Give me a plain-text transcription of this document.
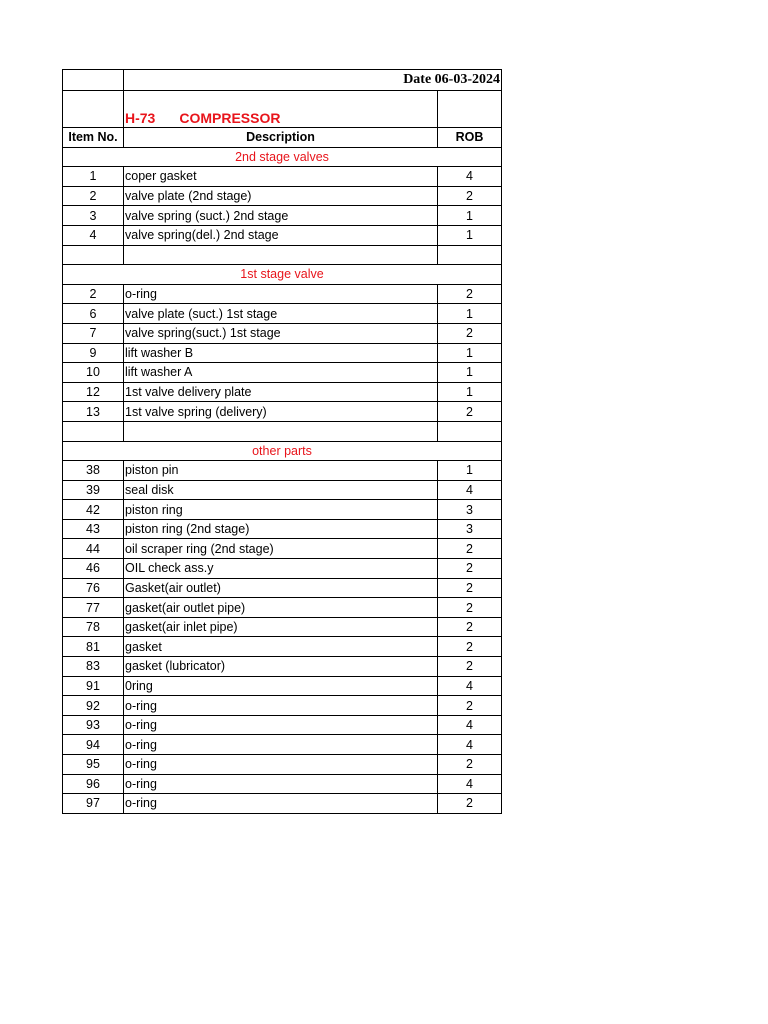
	Date 06-03-2024	
	H-73 COMPRESSOR	
Item No.	Description	ROB
2nd stage valves		
1	coper gasket	4
2	valve plate (2nd stage)	2
3	valve spring (suct.) 2nd stage	1
4	valve spring(del.) 2nd stage	1

1st stage valve		
2	o-ring	2
6	valve plate (suct.) 1st stage	1
7	valve spring(suct.) 1st stage	2
9	lift washer B	1
10	lift washer A	1
12	1st valve delivery plate	1
13	1st valve spring (delivery)	2

other parts		
38	piston pin	1
39	seal disk	4
42	piston ring	3
43	piston ring (2nd stage)	3
44	oil scraper ring (2nd stage)	2
46	OIL check ass.y	2
76	Gasket(air outlet)	2
77	gasket(air outlet pipe)	2
78	gasket(air inlet pipe)	2
81	gasket	2
83	gasket (lubricator)	2
91	0ring	4
92	o-ring	2
93	o-ring	4
94	o-ring	4
95	o-ring	2
96	o-ring	4
97	o-ring	2
